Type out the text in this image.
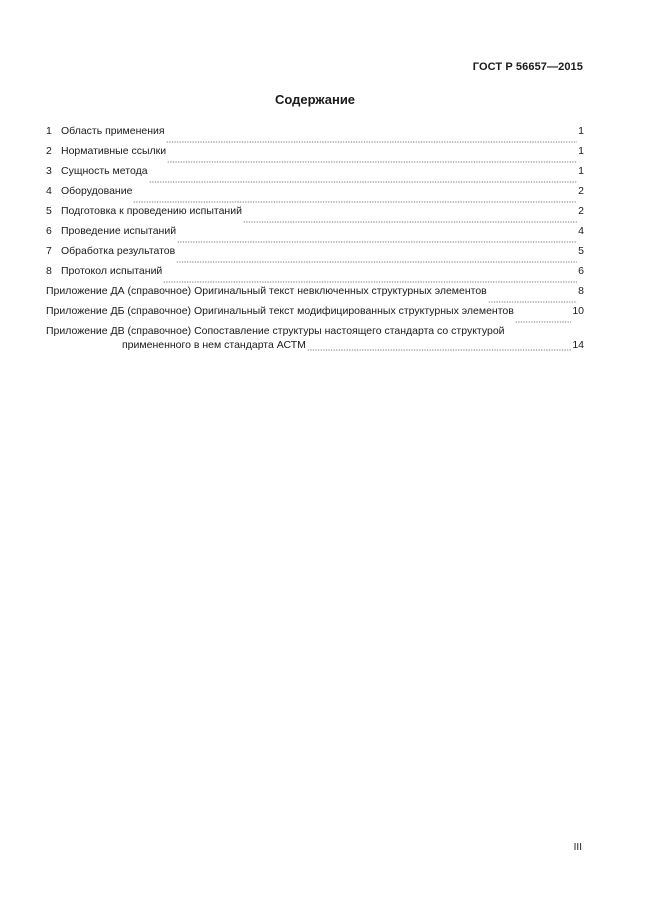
ГОСТ Р 56657—2015
Содержание
1 Область применения	1
2 Нормативные ссылки	1
3 Сущность метода	1
4 Оборудование	2
5 Подготовка к проведению испытаний	2
6 Проведение испытаний	4
7 Обработка результатов	5
8 Протокол испытаний	6
Приложение ДА (справочное) Оригинальный текст невключенных структурных элементов	8
Приложение ДБ (справочное) Оригинальный текст модифицированных структурных элементов	10
Приложение ДВ (справочное) Сопоставление структуры настоящего стандарта со структурой
примененного в нем стандарта АСТМ	14
III
